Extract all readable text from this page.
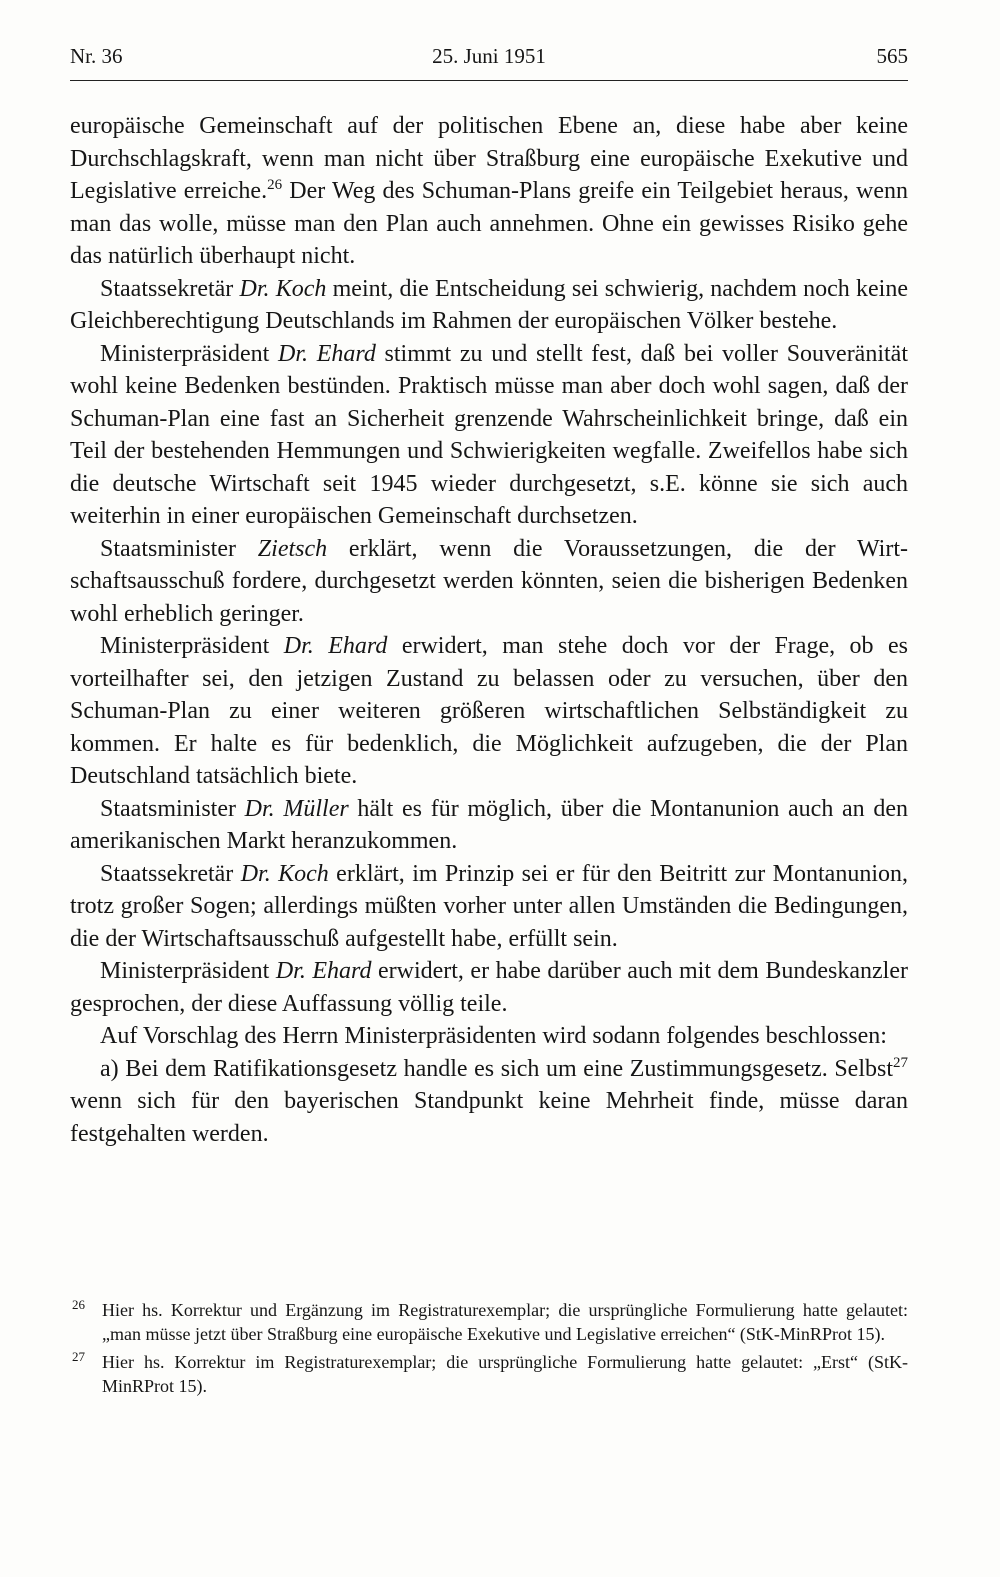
Nr. 36	25. Juni 1951	565

europäische Gemeinschaft auf der politischen Ebene an, diese habe aber keine Durchschlagskraft, wenn man nicht über Straßburg eine europäische Exekutive und Legislative erreiche.$^{26}$ Der Weg des Schuman-Plans greife ein Teilgebiet heraus, wenn man das wolle, müsse man den Plan auch annehmen. Ohne ein gewisses Risiko gehe das natürlich überhaupt nicht.

Staatssekretär Dr. Koch meint, die Entscheidung sei schwierig, nachdem noch keine Gleichberechtigung Deutschlands im Rahmen der europäischen Völker bestehe.

Ministerpräsident Dr. Ehard stimmt zu und stellt fest, daß bei voller Souveränität wohl keine Bedenken bestünden. Praktisch müsse man aber doch wohl sagen, daß der Schuman-Plan eine fast an Sicherheit grenzende Wahrscheinlichkeit bringe, daß ein Teil der bestehenden Hemmungen und Schwierigkeiten wegfalle. Zweifellos habe sich die deutsche Wirtschaft seit 1945 wieder durchgesetzt, s.E. könne sie sich auch weiterhin in einer europäischen Gemeinschaft durchsetzen.

Staatsminister Zietsch erklärt, wenn die Voraussetzungen, die der Wirtschaftsausschuß fordere, durchgesetzt werden könnten, seien die bisherigen Bedenken wohl erheblich geringer.

Ministerpräsident Dr. Ehard erwidert, man stehe doch vor der Frage, ob es vorteilhafter sei, den jetzigen Zustand zu belassen oder zu versuchen, über den Schuman-Plan zu einer weiteren größeren wirtschaftlichen Selbständigkeit zu kommen. Er halte es für bedenklich, die Möglichkeit aufzugeben, die der Plan Deutschland tatsächlich biete.

Staatsminister Dr. Müller hält es für möglich, über die Montanunion auch an den amerikanischen Markt heranzukommen.

Staatssekretär Dr. Koch erklärt, im Prinzip sei er für den Beitritt zur Montanunion, trotz großer Sogen; allerdings müßten vorher unter allen Umständen die Bedingungen, die der Wirtschaftsausschuß aufgestellt habe, erfüllt sein.

Ministerpräsident Dr. Ehard erwidert, er habe darüber auch mit dem Bundeskanzler gesprochen, der diese Auffassung völlig teile.

Auf Vorschlag des Herrn Ministerpräsidenten wird sodann folgendes beschlossen:

a) Bei dem Ratifikationsgesetz handle es sich um eine Zustimmungsgesetz. Selbst$^{27}$ wenn sich für den bayerischen Standpunkt keine Mehrheit finde, müsse daran festgehalten werden.

26 Hier hs. Korrektur und Ergänzung im Registraturexemplar; die ursprüngliche Formulierung hatte gelautet: „man müsse jetzt über Straßburg eine europäische Exekutive und Legislative erreichen“ (StK-MinRProt 15).
27 Hier hs. Korrektur im Registraturexemplar; die ursprüngliche Formulierung hatte gelautet: „Erst“ (StK-MinRProt 15).
